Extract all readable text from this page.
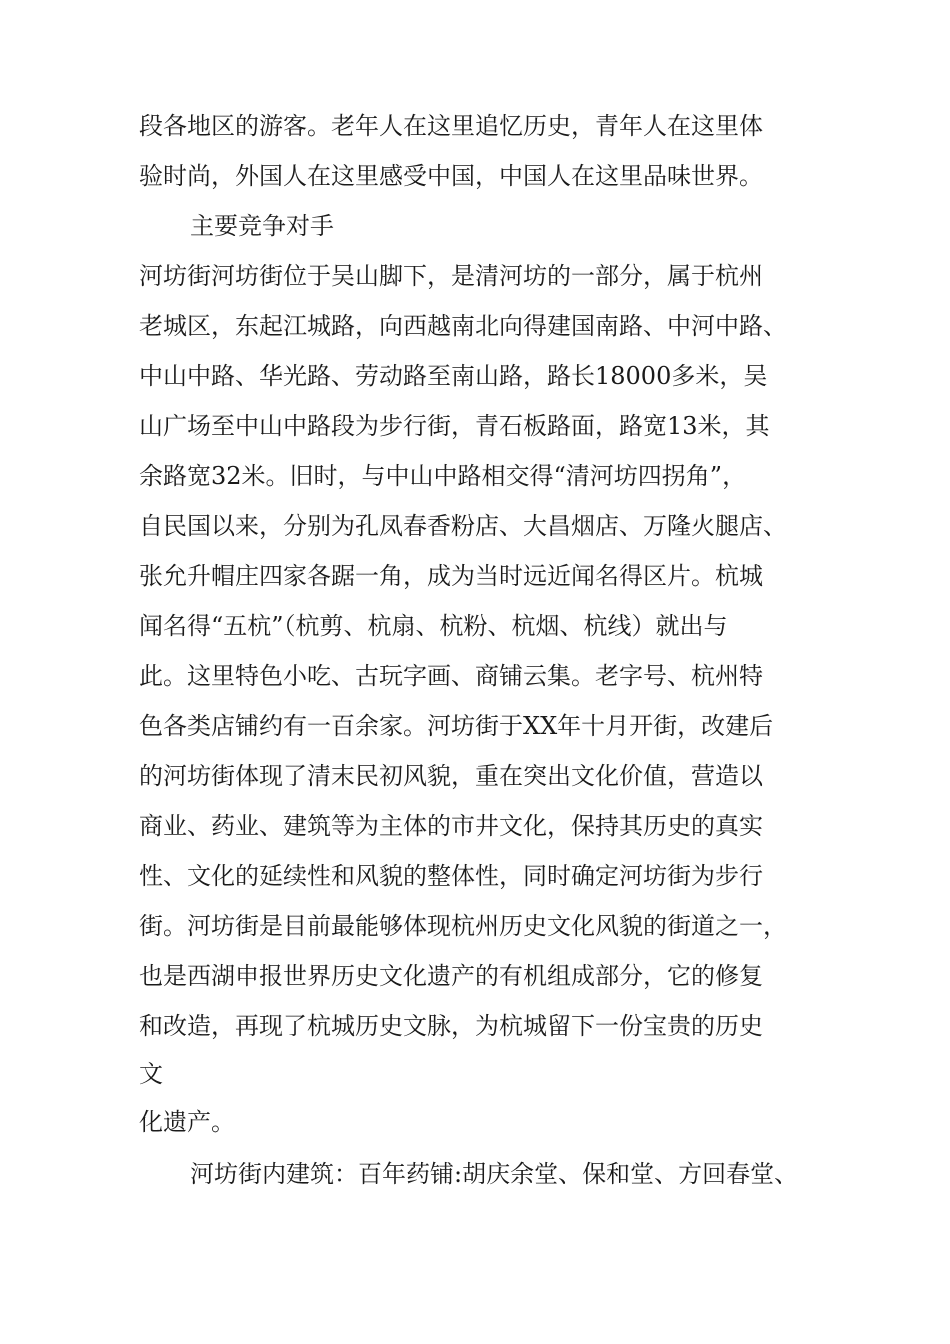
段各地区的游客。老年人在这里追忆历史，青年人在这里体

验时尚，外国人在这里感受中国，中国人在这里品味世界。

主要竞争对手

河坊街河坊街位于吴山脚下，是清河坊的一部分，属于杭州

老城区，东起江城路，向西越南北向得建国南路、中河中路、

中山中路、华光路、劳动路至南山路，路长18000多米，吴

山广场至中山中路段为步行街，青石板路面，路宽13米，其

余路宽32米。旧时，与中山中路相交得“清河坊四拐角”，

自民国以来，分别为孔凤春香粉店、大昌烟店、万隆火腿店、

张允升帽庄四家各踞一角，成为当时远近闻名得区片。杭城

闻名得“五杭”（杭剪、杭扇、杭粉、杭烟、杭线）就出与

此。这里特色小吃、古玩字画、商铺云集。老字号、杭州特

色各类店铺约有一百余家。河坊街于XX年十月开街，改建后

的河坊街体现了清末民初风貌，重在突出文化价值，营造以

商业、药业、建筑等为主体的市井文化，保持其历史的真实

性、文化的延续性和风貌的整体性，同时确定河坊街为步行

街。河坊街是目前最能够体现杭州历史文化风貌的街道之一，

也是西湖申报世界历史文化遗产的有机组成部分，它的修复

和改造，再现了杭城历史文脉，为杭城留下一份宝贵的历史

文

化遗产。

河坊街内建筑：百年药铺:胡庆余堂、保和堂、方回春堂、
